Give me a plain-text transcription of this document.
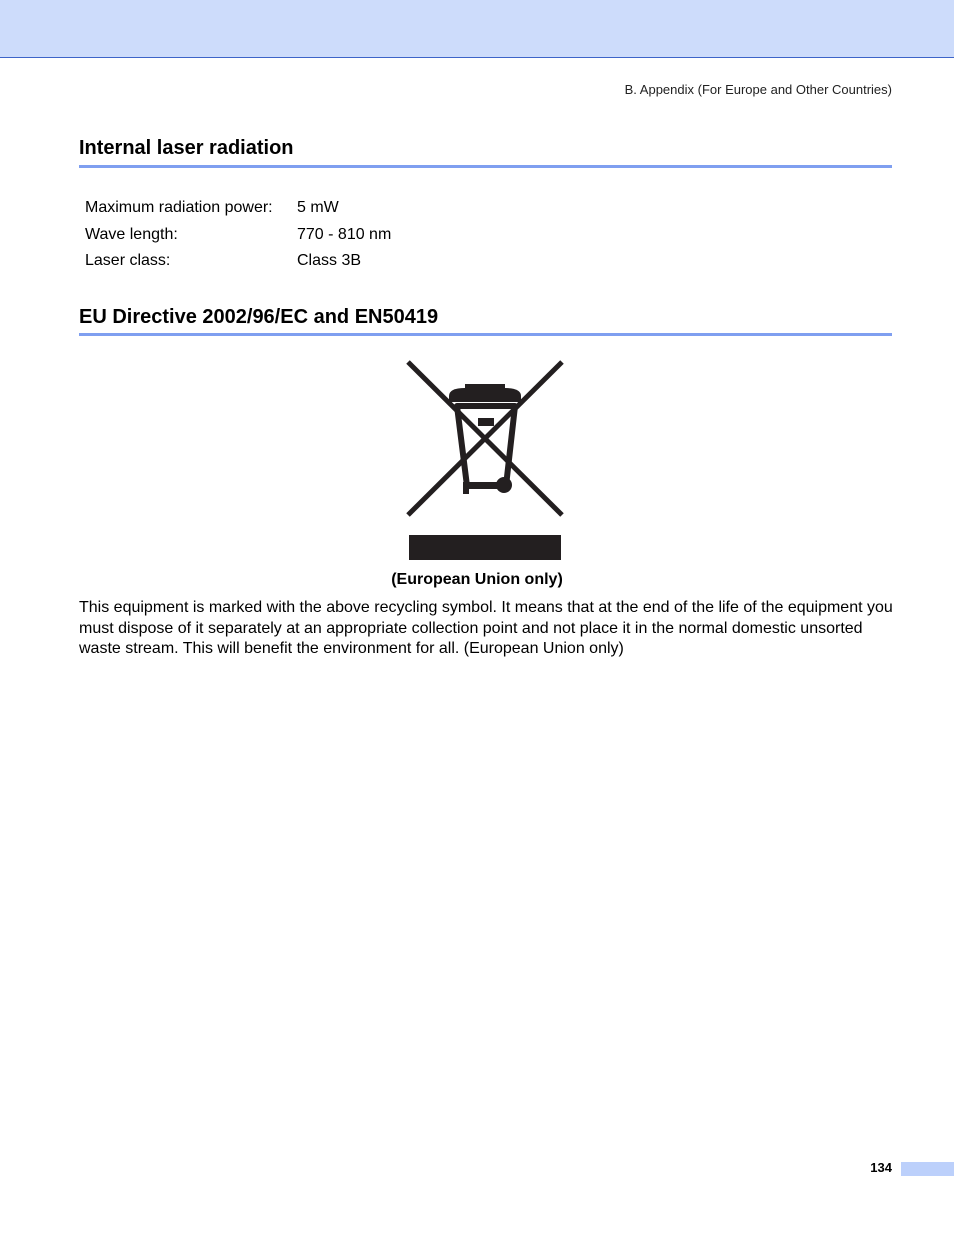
B. Appendix (For Europe and Other Countries)
Internal laser radiation
Maximum radiation power:	5 mW
Wave length:	770 - 810 nm
Laser class:	Class 3B
EU Directive 2002/96/EC and EN50419
(European Union only)

This equipment is marked with the above recycling symbol. It means that at the end of the life of the equipment you must dispose of it separately at an appropriate collection point and not place it in the normal domestic unsorted waste stream. This will benefit the environment for all. (European Union only)

134
